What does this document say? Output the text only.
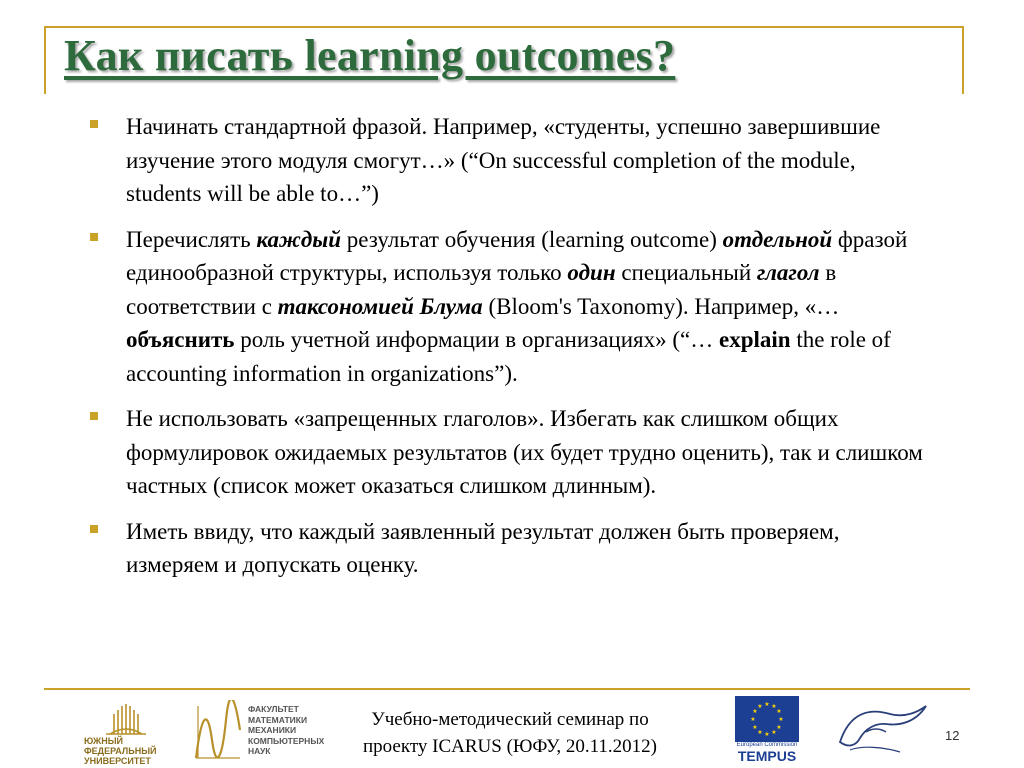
Как писать learning outcomes?
Начинать стандартной фразой. Например, «студенты, успешно завершившие изучение этого модуля смогут…» (“On successful completion of the module, students will be able to…”)
Перечислять каждый результат обучения (learning outcome) отдельной фразой единообразной структуры, используя только один специальный глагол в соответствии с таксономией Блума (Bloom's Taxonomy). Например, «… объяснить роль учетной информации в организациях» (“… explain the role of accounting information in organizations”).
Не использовать «запрещенных глаголов». Избегать как слишком общих формулировок ожидаемых результатов (их будет трудно оценить), так и слишком частных (список может оказаться слишком длинным).
Иметь ввиду, что каждый заявленный результат должен быть проверяем, измеряем и допускать оценку.
ЮЖНЫЙ
ФЕДЕРАЛЬНЫЙ
УНИВЕРСИТЕТ
ФАКУЛЬТЕТ
МАТЕМАТИКИ
МЕХАНИКИ
КОМПЬЮТЕРНЫХ
НАУК
Учебно-методический семинар по
проекту ICARUS (ЮФУ, 20.11.2012)
★ ★
★
★
★
★
★
★
★
★
★
★
European Commission
TEMPUS
12
